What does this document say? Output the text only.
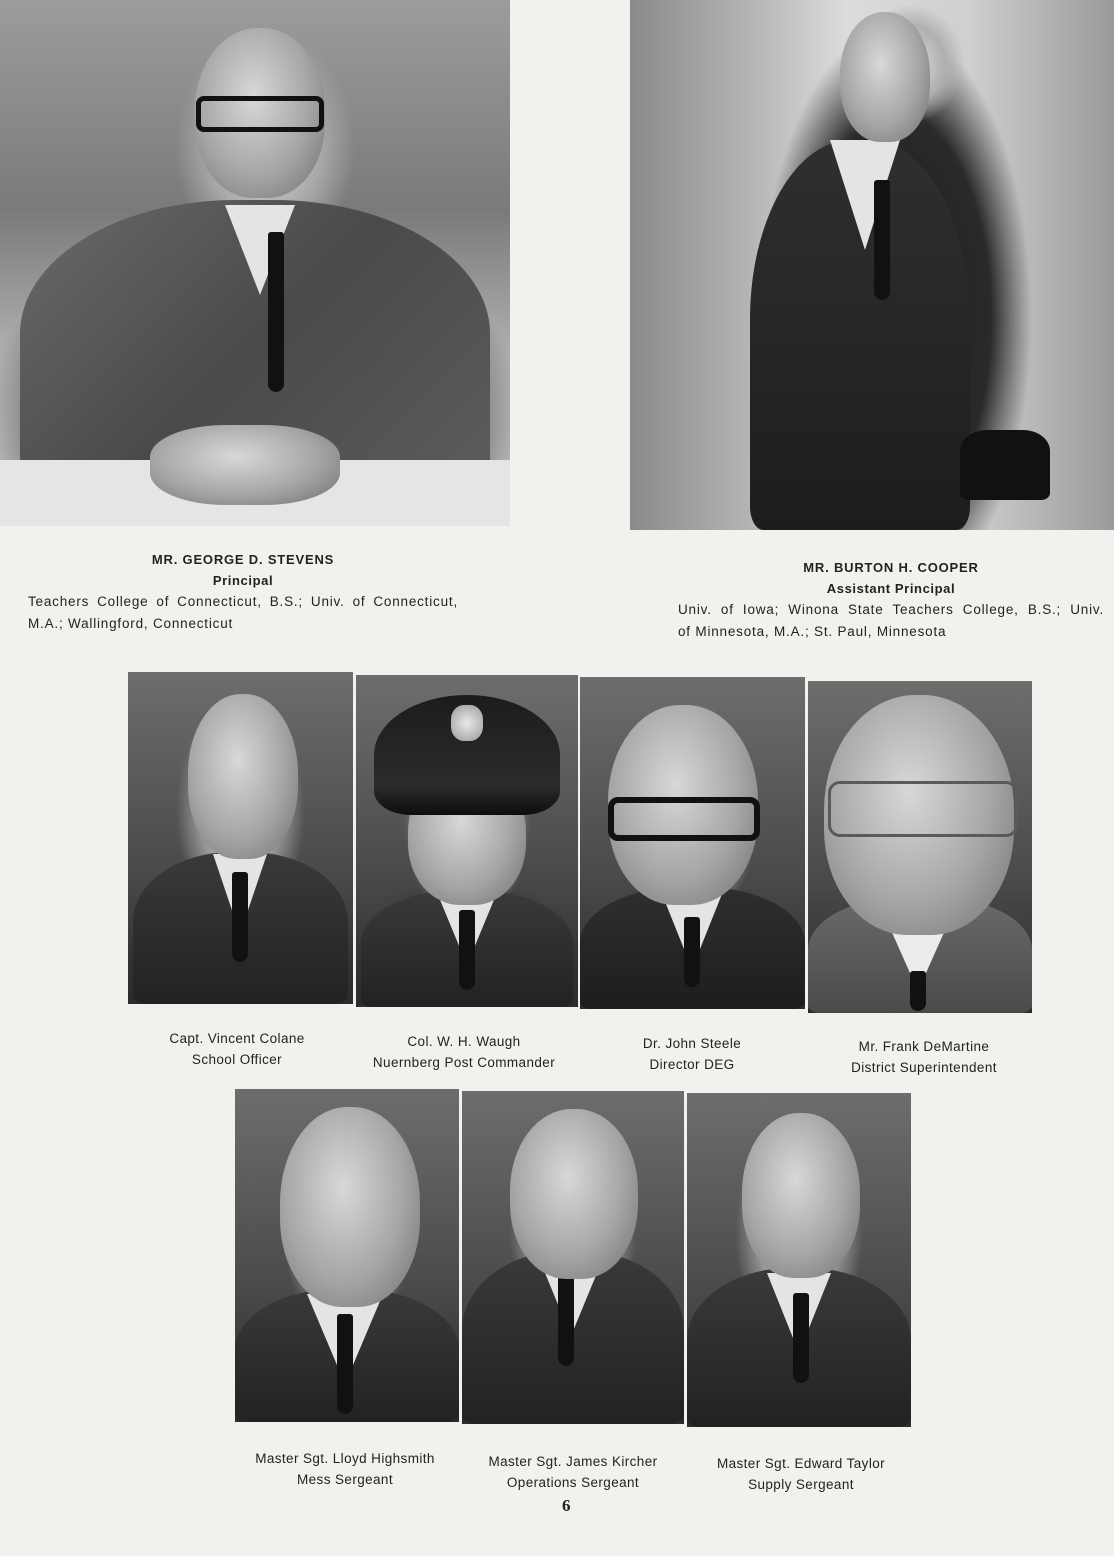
MR. GEORGE D. STEVENS
Principal
Teachers College of Connecticut, B.S.; Univ. of Connecticut,
M.A.; Wallingford, Connecticut
MR. BURTON H. COOPER
Assistant Principal
Univ. of Iowa; Winona State Teachers College, B.S.; Univ.
of Minnesota, M.A.; St. Paul, Minnesota
Capt. Vincent Colane
School Officer
Col. W. H. Waugh
Nuernberg Post Commander
Dr. John Steele
Director DEG
Mr. Frank DeMartine
District Superintendent
Master Sgt. Lloyd Highsmith
Mess Sergeant
Master Sgt. James Kircher
Operations Sergeant
Master Sgt. Edward Taylor
Supply Sergeant
6
